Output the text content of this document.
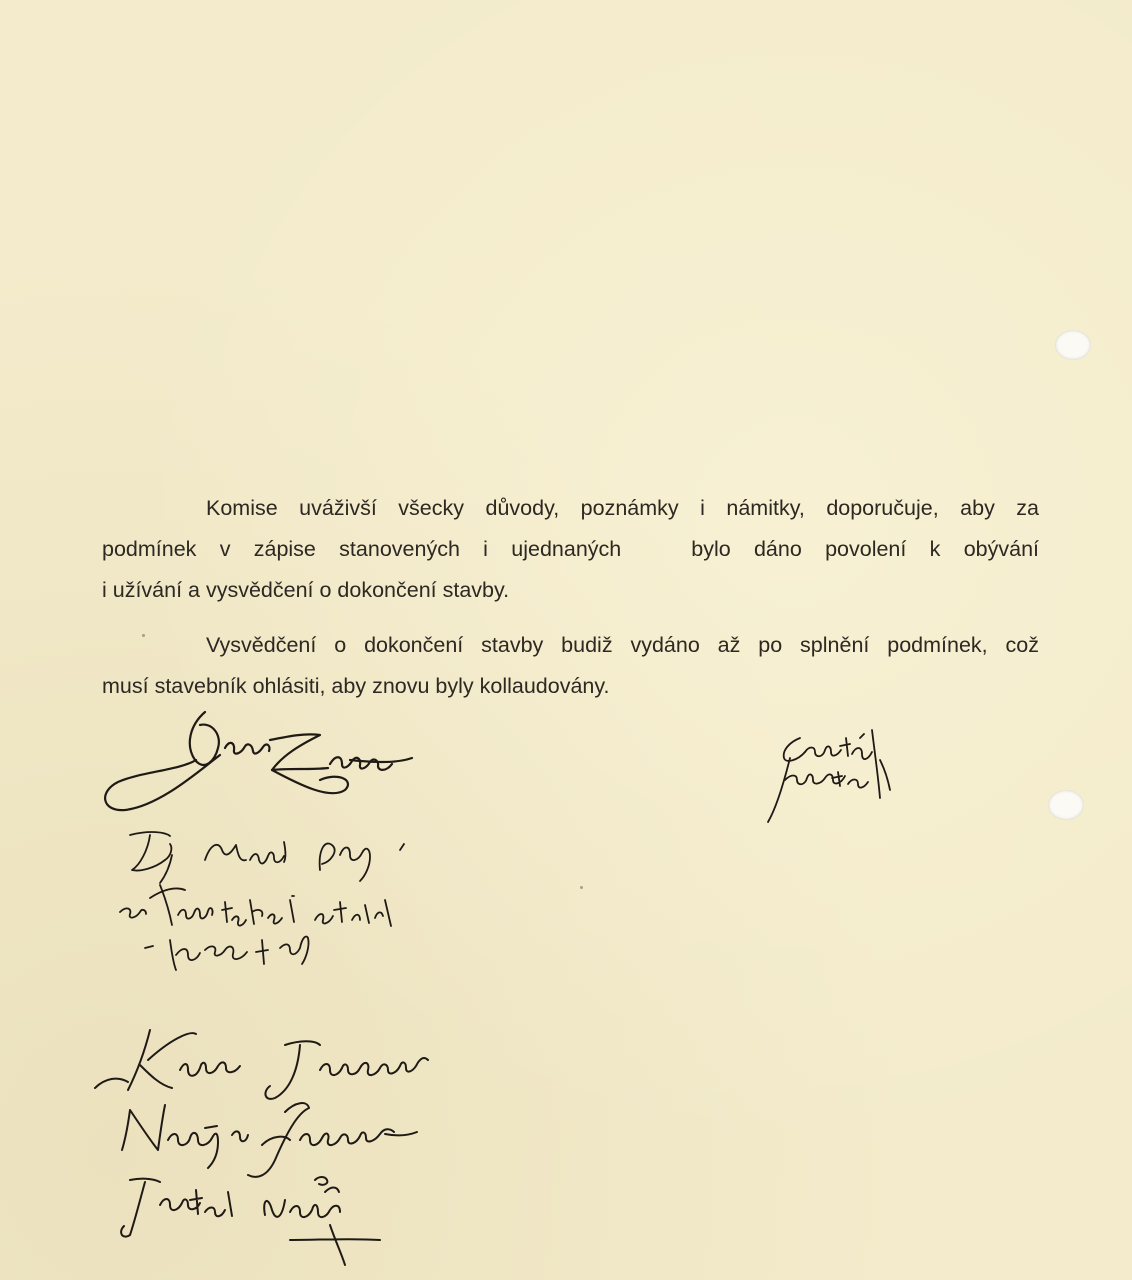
Komise uváživší všecky důvody, poznámky i námitky, doporučuje, aby za
podmínek v zápise stanovených i ujednaných	bylo dáno povolení k obývání
i užívání a vysvědčení o dokončení stavby.

Vysvědčení o dokončení stavby budiž vydáno až po splnění podmínek, což
musí stavebník ohlásiti, aby znovu byly kollaudovány.
